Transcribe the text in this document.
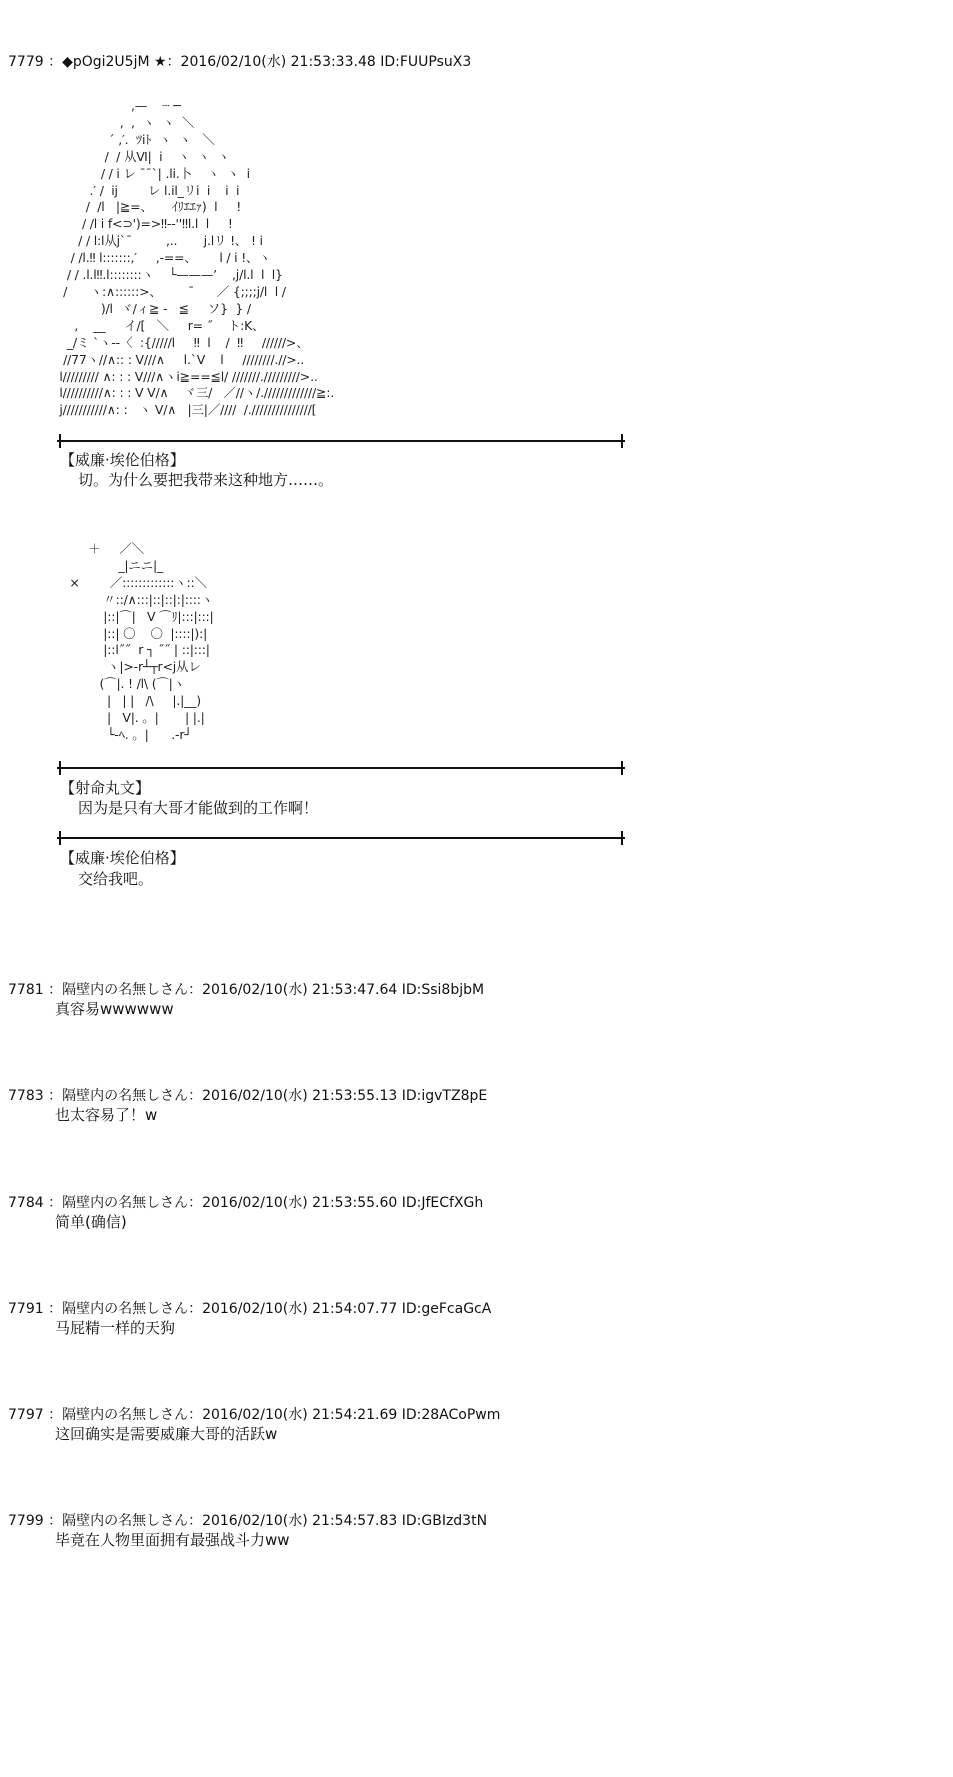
7779 ：◆pOgi2U5jM ★：2016/02/10(水) 21:53:33.48 ID:FUUPsuX3
,—    ┈ ─
,  ,  ヽ  ヽ  ＼
´ ,′.  ﾂiﾄ  ヽ  ヽ   ＼
/  / 从Ⅵ|  i    ヽ  ヽ  ヽ
/ / i レ ¯¯`| .li.卜    ヽ  ヽ  i
.′ /  ij        レ l.il_リi  i    i  i
/  /l   |≧=、     ｲﾘｴｴｧ)  l     !
/ /l i f<⊃')=>‼-‐''‼l.l  l     !
/ / l:l从j`¯         ,..       j.lリ !、 ! i
/ /l.‼ l:::::::,′     ,-==、      l / i !、ヽ
/ / .l.l‼.l::::::::ヽ    └———’    ,j/l.l  l  l}
/      ヽ:∧::::::>、       ¯      ／ {;;;;j/l  l /
)/l  ヾ/ィ≧ -   ≦     ソ}  } /
,    __     イ/[   ＼     r= ˝    ト:K、
_/ミ `ヽ-‐〈  :{/////l     ‼  l    /  ‼     //////>、
//77ヽ//∧:: : V///∧     l.`V    l     ////////.//>..
l///////// ∧: : : V///∧ヽi≧==≦l/ ///////./////////>..
l//////////∧: : : V V/∧    ヾ三/   ／//ヽ/./////////////≧:.
j///////////∧: :   ヽ V/∧   |三|／////  /.///////////////[
【威廉·埃伦伯格】
切。为什么要把我带来这种地方……。
＋     ／＼
_|ニニ|_
×        ／:::::::::::::ヽ::＼
〃::/∧:::|::|::|:|::::ヽ
|::|⌒|   V ⌒ﾘ|:::|:::|
|::| 〇    〇  |::::|):|
|::l˝˝  r ┐ ˝˝ | ::|:::|
ヽ|>-r┴┬r<j从レ
(⌒|. ! /l\ (⌒|ヽ
|   | |   /\     |.|__)
|   V|. 。|       | |.|
└-ﾍ. 。|      .-r┘
【射命丸文】
因为是只有大哥才能做到的工作啊！
【威廉·埃伦伯格】
交给我吧。
7781 ：隔壁内の名無しさん：2016/02/10(水) 21:53:47.64 ID:Ssi8bjbM
真容易wwwwww
7783 ：隔壁内の名無しさん：2016/02/10(水) 21:53:55.13 ID:igvTZ8pE
也太容易了！w
7784 ：隔壁内の名無しさん：2016/02/10(水) 21:53:55.60 ID:JfECfXGh
简单(确信)
7791 ：隔壁内の名無しさん：2016/02/10(水) 21:54:07.77 ID:geFcaGcA
马屁精一样的天狗
7797 ：隔壁内の名無しさん：2016/02/10(水) 21:54:21.69 ID:28ACoPwm
这回确实是需要威廉大哥的活跃w
7799 ：隔壁内の名無しさん：2016/02/10(水) 21:54:57.83 ID:GBIzd3tN
毕竟在人物里面拥有最强战斗力ww
